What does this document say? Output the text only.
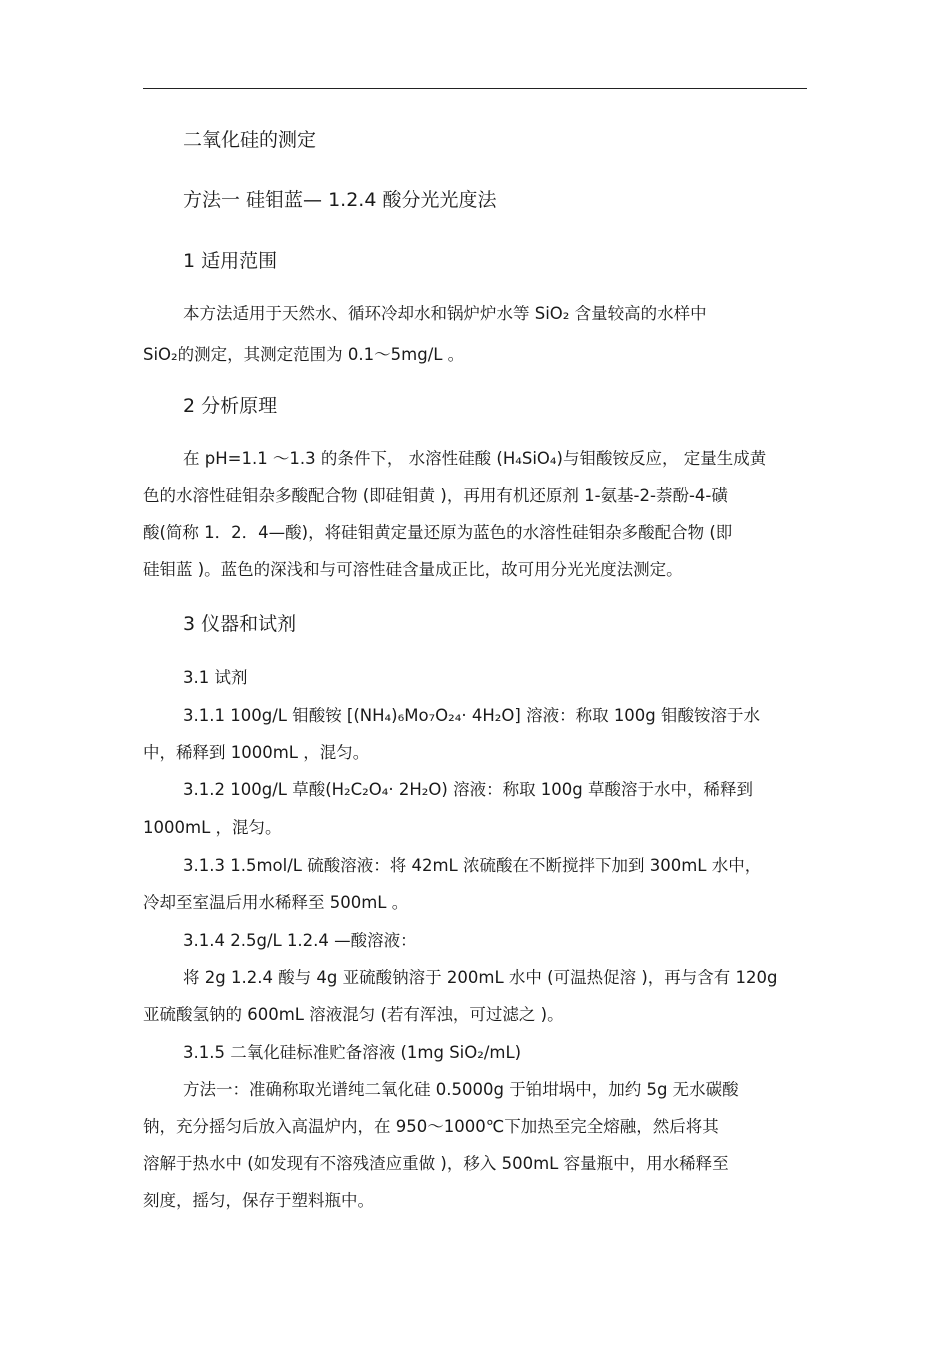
二氧化硅的测定
方法一 硅钼蓝— 1.2.4 酸分光光度法
1 适用范围
本方法适用于天然水、循环冷却水和锅炉炉水等 SiO₂ 含量较高的水样中
SiO₂的测定，其测定范围为 0.1～5mg/L 。
2 分析原理
在 pH=1.1 ～1.3 的条件下， 水溶性硅酸 (H₄SiO₄)与钼酸铵反应， 定量生成黄
色的水溶性硅钼杂多酸配合物 (即硅钼黄 )，再用有机还原剂 1-氨基-2-萘酚-4-磺
酸(简称 1．2．4—酸)，将硅钼黄定量还原为蓝色的水溶性硅钼杂多酸配合物 (即
硅钼蓝 )。蓝色的深浅和与可溶性硅含量成正比，故可用分光光度法测定。
3 仪器和试剂
3.1 试剂
3.1.1 100g/L 钼酸铵 [(NH₄)₆Mo₇O₂₄· 4H₂O] 溶液：称取 100g 钼酸铵溶于水
中，稀释到 1000mL ，混匀。
3.1.2 100g/L 草酸(H₂C₂O₄· 2H₂O) 溶液：称取 100g 草酸溶于水中，稀释到
1000mL ，混匀。
3.1.3 1.5mol/L 硫酸溶液：将 42mL 浓硫酸在不断搅拌下加到 300mL 水中，
冷却至室温后用水稀释至 500mL 。
3.1.4 2.5g/L 1.2.4 —酸溶液：
将 2g 1.2.4 酸与 4g 亚硫酸钠溶于 200mL 水中 (可温热促溶 )，再与含有 120g
亚硫酸氢钠的 600mL 溶液混匀 (若有浑浊，可过滤之 )。
3.1.5 二氧化硅标准贮备溶液 (1mg SiO₂/mL)
方法一：准确称取光谱纯二氧化硅 0.5000g 于铂坩埚中，加约 5g 无水碳酸
钠，充分摇匀后放入高温炉内，在 950～1000℃下加热至完全熔融，然后将其
溶解于热水中 (如发现有不溶残渣应重做 )，移入 500mL 容量瓶中，用水稀释至
刻度，摇匀，保存于塑料瓶中。
